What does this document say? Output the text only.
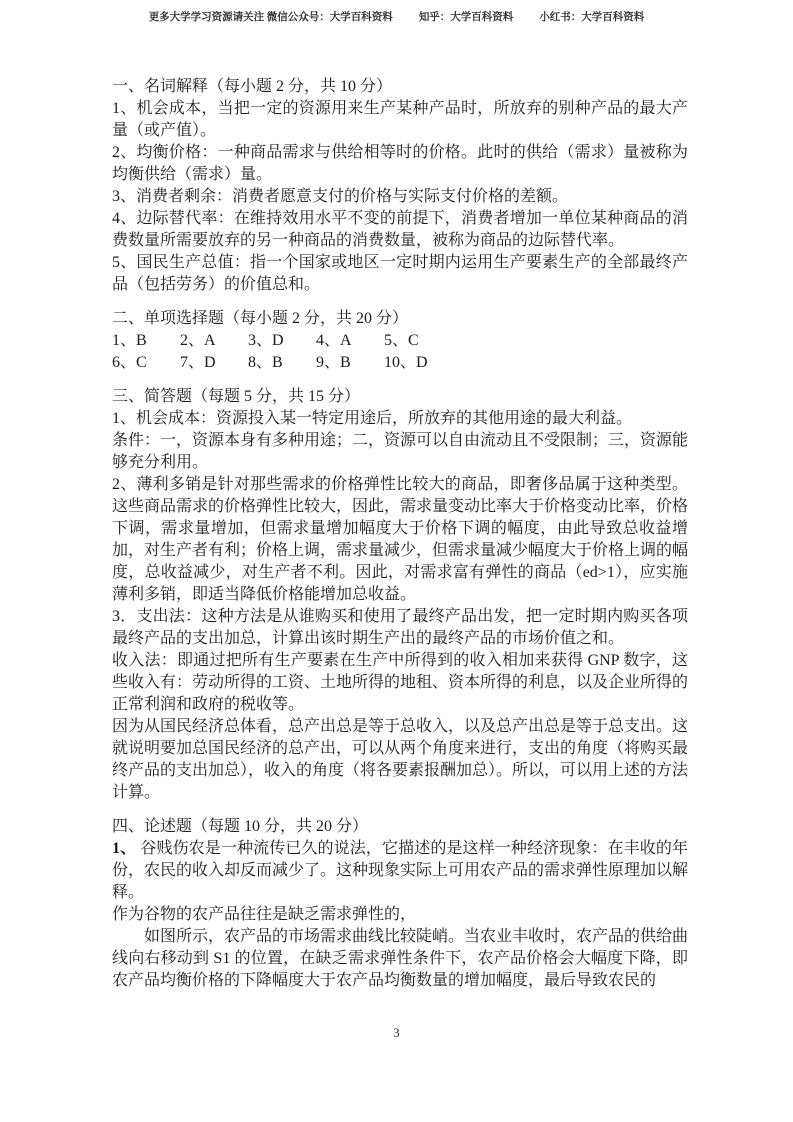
更多大学学习资源请关注 微信公众号：大学百科资料 知乎：大学百科资料 小红书：大学百科资料

一、名词解释（每小题 2 分，共 10 分）

1、机会成本，当把一定的资源用来生产某种产品时，所放弃的别种产品的最大产量（或产值）。

2、均衡价格：一种商品需求与供给相等时的价格。此时的供给（需求）量被称为均衡供给（需求）量。

3、消费者剩余：消费者愿意支付的价格与实际支付价格的差额。

4、边际替代率：在维持效用水平不变的前提下，消费者增加一单位某种商品的消费数量所需要放弃的另一种商品的消费数量，被称为商品的边际替代率。

5、国民生产总值：指一个国家或地区一定时期内运用生产要素生产的全部最终产品（包括劳务）的价值总和。

二、单项选择题（每小题 2 分，共 20 分）

1、B	2、A	3、D	4、A	5、C
6、C	7、D	8、B	9、B	10、D

三、简答题（每题 5 分，共 15 分）

1、机会成本：资源投入某一特定用途后，所放弃的其他用途的最大利益。

条件：一，资源本身有多种用途；二，资源可以自由流动且不受限制；三，资源能够充分利用。

2、薄利多销是针对那些需求的价格弹性比较大的商品，即奢侈品属于这种类型。这些商品需求的价格弹性比较大，因此，需求量变动比率大于价格变动比率，价格下调，需求量增加，但需求量增加幅度大于价格下调的幅度，由此导致总收益增加，对生产者有利；价格上调，需求量减少，但需求量减少幅度大于价格上调的幅度，总收益减少，对生产者不利。因此，对需求富有弹性的商品（ed>1），应实施薄利多销，即适当降低价格能增加总收益。

3．支出法：这种方法是从谁购买和使用了最终产品出发，把一定时期内购买各项最终产品的支出加总，计算出该时期生产出的最终产品的市场价值之和。

收入法：即通过把所有生产要素在生产中所得到的收入相加来获得 GNP 数字，这些收入有：劳动所得的工资、土地所得的地租、资本所得的利息，以及企业所得的正常利润和政府的税收等。

因为从国民经济总体看，总产出总是等于总收入，以及总产出总是等于总支出。这就说明要加总国民经济的总产出，可以从两个角度来进行，支出的角度（将购买最终产品的支出加总），收入的角度（将各要素报酬加总）。所以，可以用上述的方法计算。

四、论述题（每题 10 分，共 20 分）

1、 谷贱伤农是一种流传已久的说法，它描述的是这样一种经济现象：在丰收的年份，农民的收入却反而减少了。这种现象实际上可用农产品的需求弹性原理加以解释。

作为谷物的农产品往往是缺乏需求弹性的，

如图所示，农产品的市场需求曲线比较陡峭。当农业丰收时，农产品的供给曲线向右移动到 S1 的位置，在缺乏需求弹性条件下，农产品价格会大幅度下降，即农产品均衡价格的下降幅度大于农产品均衡数量的增加幅度，最后导致农民的

3
